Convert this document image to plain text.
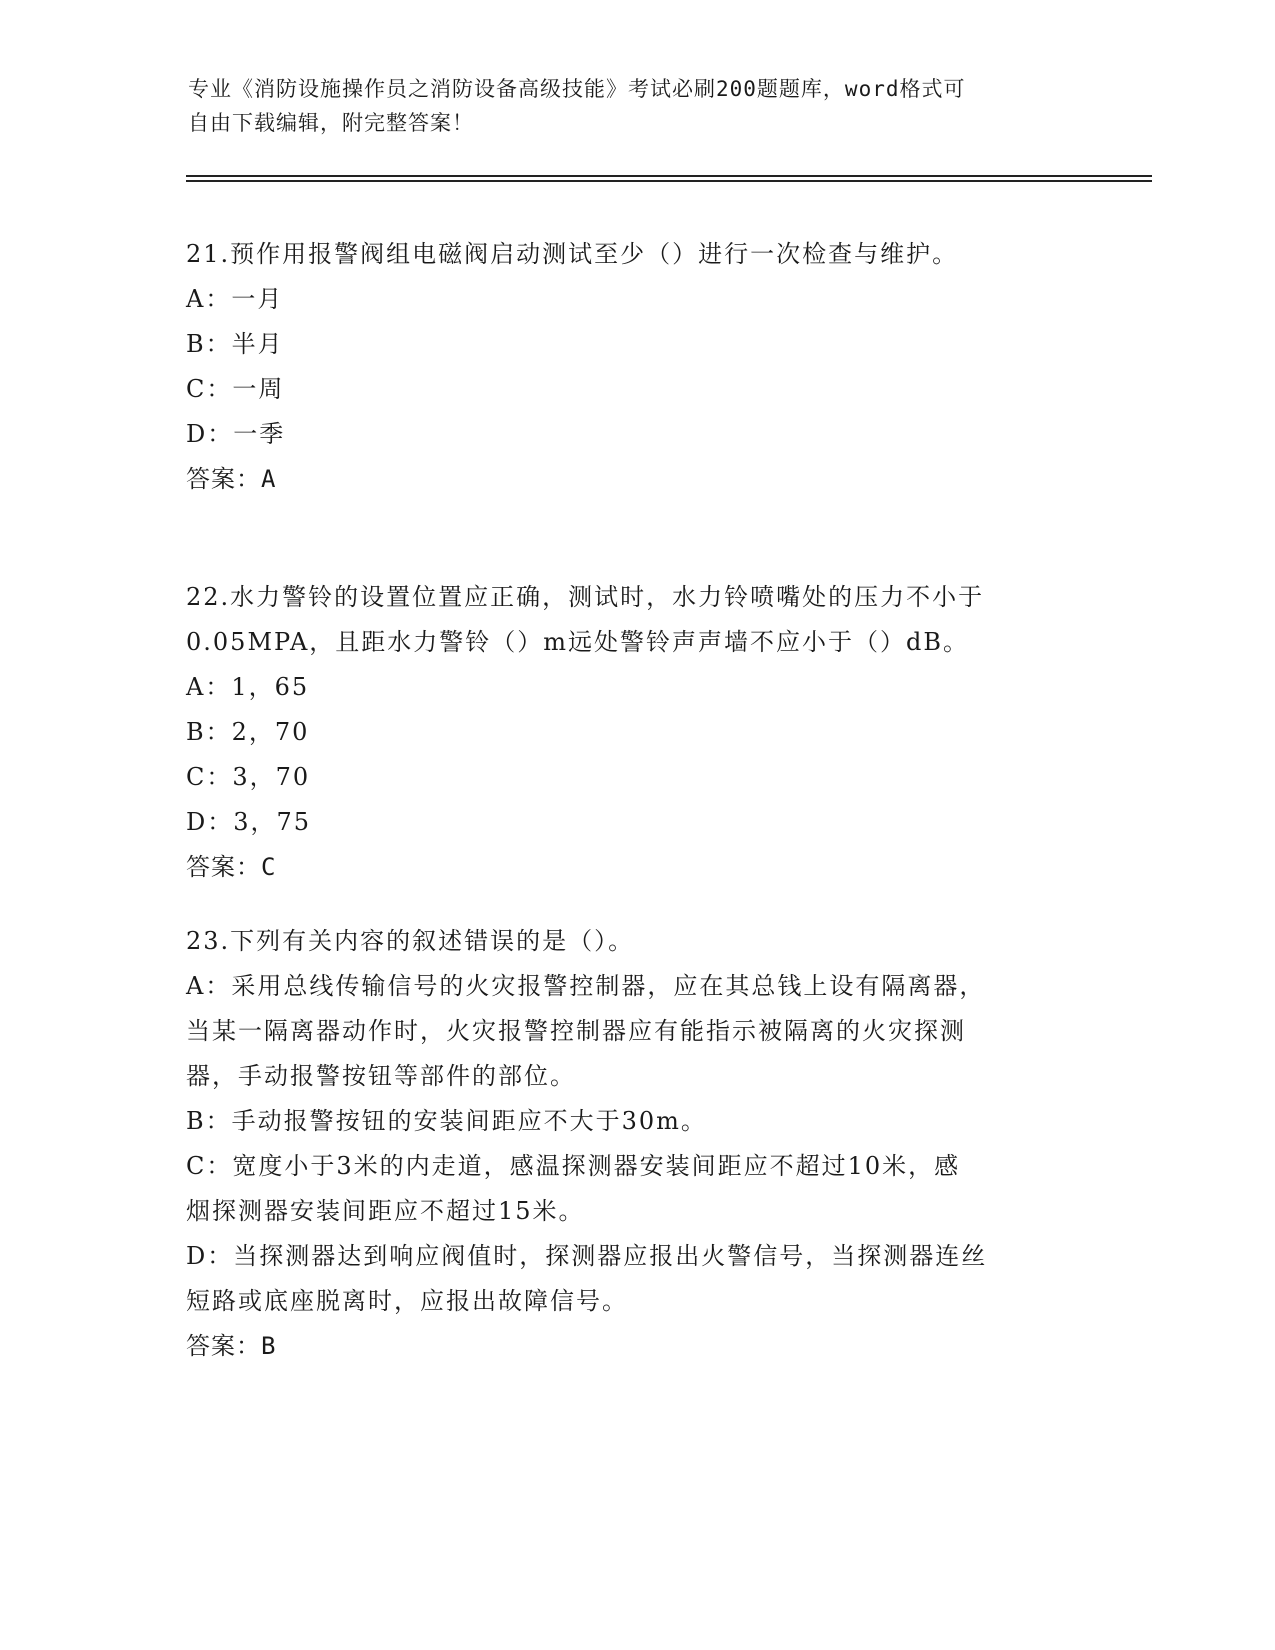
专业《消防设施操作员之消防设备高级技能》考试必刷200题题库，word格式可
自由下载编辑，附完整答案！
21.预作用报警阀组电磁阀启动测试至少（）进行一次检查与维护。
A：一月
B：半月
C：一周
D：一季
答案：A
22.水力警铃的设置位置应正确，测试时，水力铃喷嘴处的压力不小于
0.05MPA，且距水力警铃（）m远处警铃声声墙不应小于（）dB。
A：1，65
B：2，70
C：3，70
D：3，75
答案：C
23.下列有关内容的叙述错误的是（）。
A：采用总线传输信号的火灾报警控制器，应在其总钱上设有隔离器，
当某一隔离器动作时，火灾报警控制器应有能指示被隔离的火灾探测
器，手动报警按钮等部件的部位。
B：手动报警按钮的安装间距应不大于30m。
C：宽度小于3米的内走道，感温探测器安装间距应不超过10米，感
烟探测器安装间距应不超过15米。
D：当探测器达到响应阀值时，探测器应报出火警信号，当探测器连丝
短路或底座脱离时，应报出故障信号。
答案：B
